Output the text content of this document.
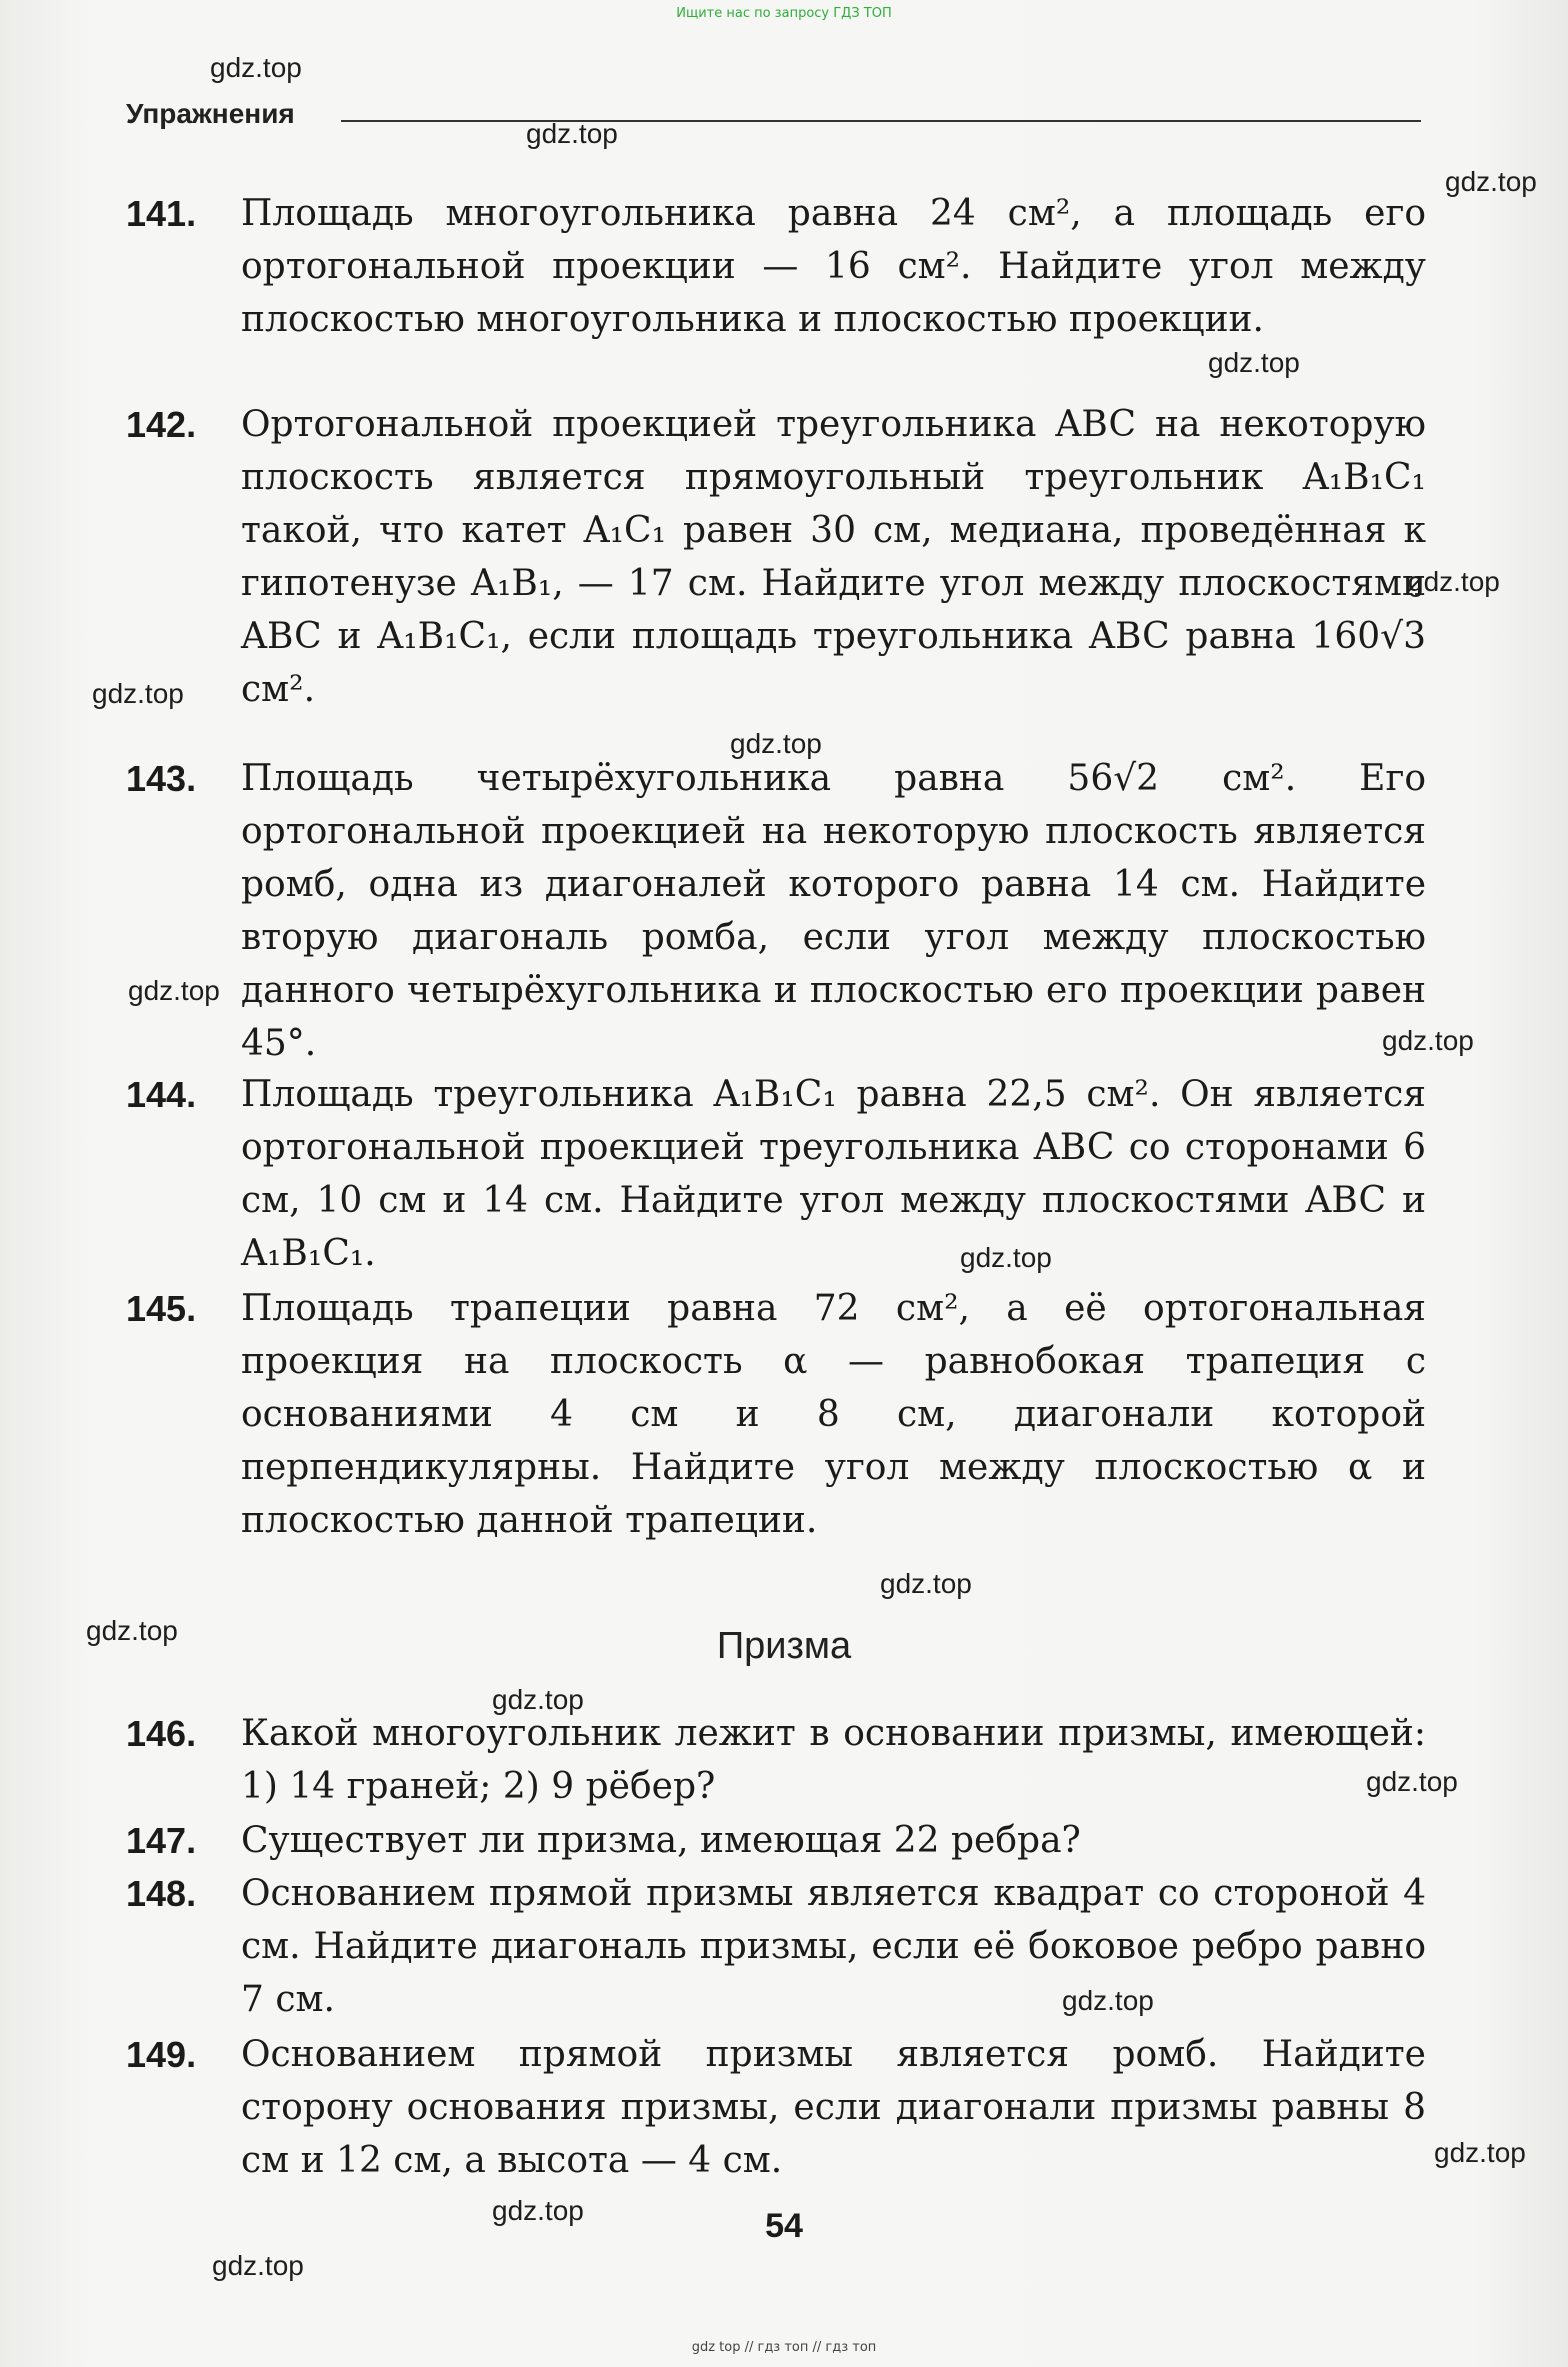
Ищите нас по запросу ГДЗ ТОП
Упражнения
141. Площадь многоугольника равна 24 см², а площадь его ортогональной проекции — 16 см². Найдите угол между плоскостью многоугольника и плоскостью проекции.
142. Ортогональной проекцией треугольника ABC на некоторую плоскость является прямоугольный треугольник A₁B₁C₁ такой, что катет A₁C₁ равен 30 см, медиана, проведённая к гипотенузе A₁B₁, — 17 см. Найдите угол между плоскостями ABC и A₁B₁C₁, если площадь треугольника ABC равна 160√3 см².
143. Площадь четырёхугольника равна 56√2 см². Его ортогональной проекцией на некоторую плоскость является ромб, одна из диагоналей которого равна 14 см. Найдите вторую диагональ ромба, если угол между плоскостью данного четырёхугольника и плоскостью его проекции равен 45°.
144. Площадь треугольника A₁B₁C₁ равна 22,5 см². Он является ортогональной проекцией треугольника ABC со сторонами 6 см, 10 см и 14 см. Найдите угол между плоскостями ABC и A₁B₁C₁.
145. Площадь трапеции равна 72 см², а её ортогональная проекция на плоскость α — равнобокая трапеция с основаниями 4 см и 8 см, диагонали которой перпендикулярны. Найдите угол между плоскостью α и плоскостью данной трапеции.
Призма
146. Какой многоугольник лежит в основании призмы, имеющей: 1) 14 граней; 2) 9 рёбер?
147. Существует ли призма, имеющая 22 ребра?
148. Основанием прямой призмы является квадрат со стороной 4 см. Найдите диагональ призмы, если её боковое ребро равно 7 см.
149. Основанием прямой призмы является ромб. Найдите сторону основания призмы, если диагонали призмы равны 8 см и 12 см, а высота — 4 см.
54
gdz.top
gdz.top
gdz.top
gdz.top
gdz.top
gdz.top
gdz.top
gdz.top
gdz.top
gdz.top
gdz.top
gdz.top
gdz.top
gdz.top
gdz.top
gdz.top
gdz.top
gdz.top
gdz top // гдз топ // гдз топ
